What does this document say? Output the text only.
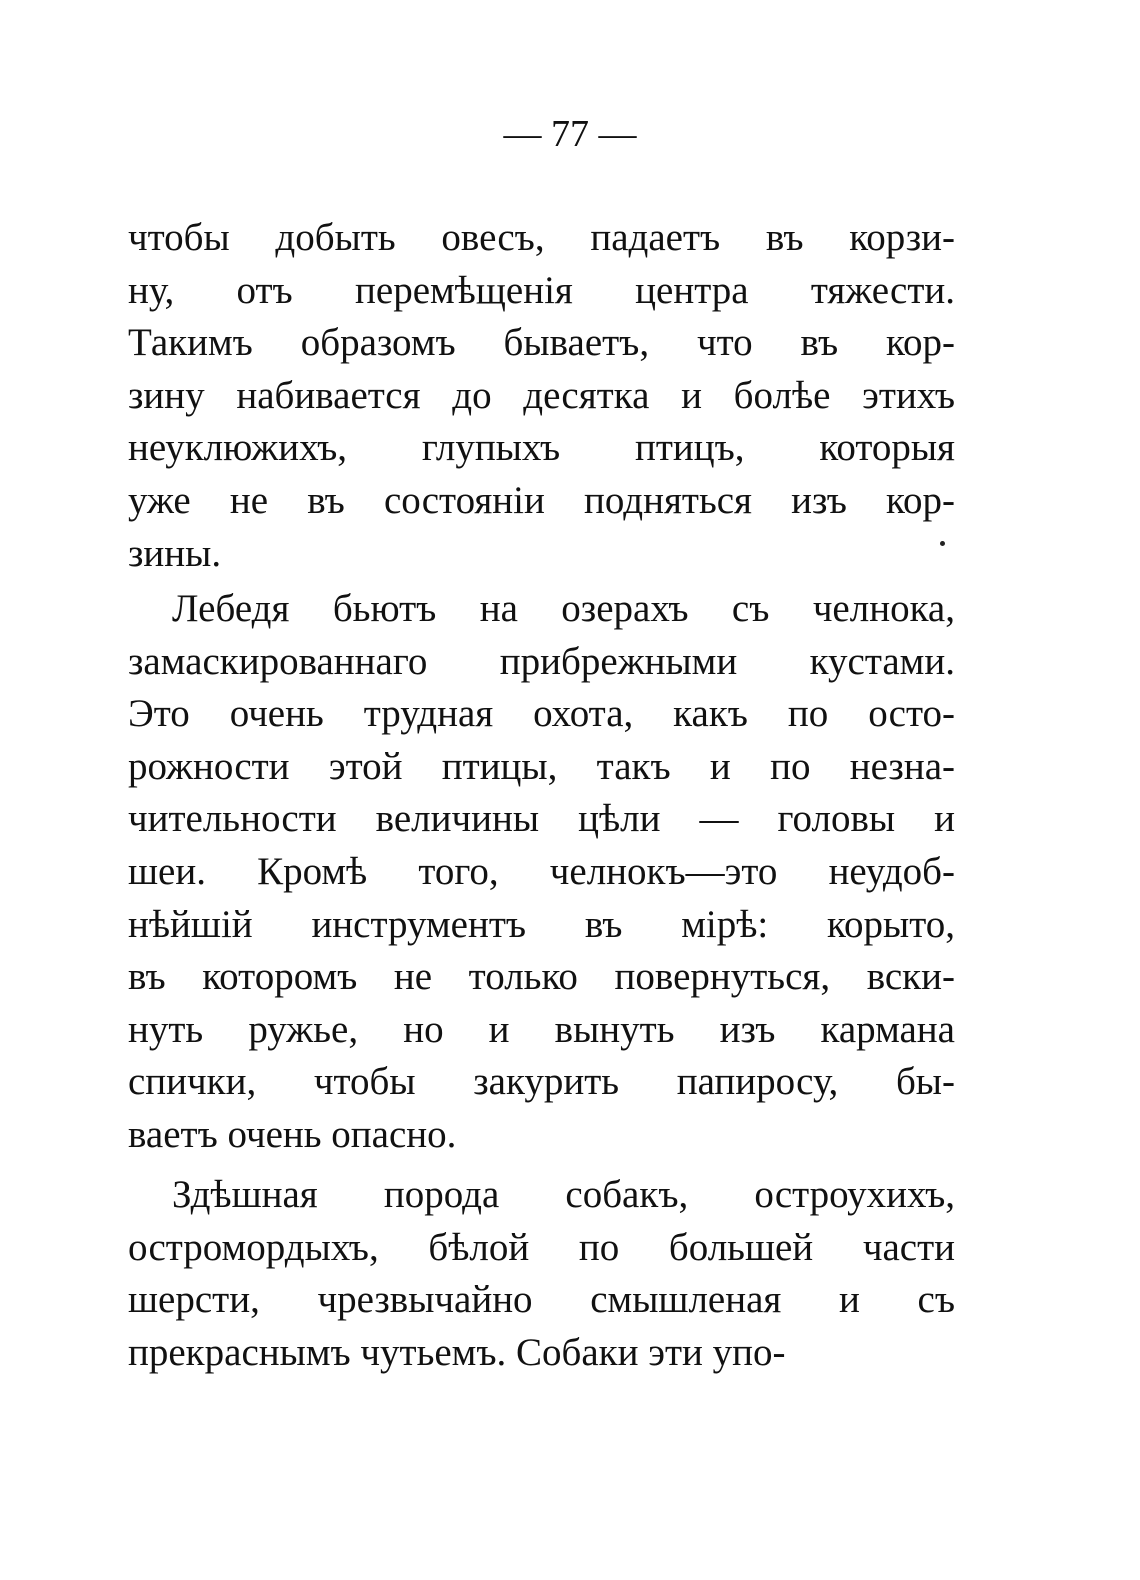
— 77 —
чтобы добыть овесъ, падаетъ въ корзи-
ну, отъ перемѣщенія центра тяжести.
Такимъ образомъ бываетъ, что въ кор-
зину набивается до десятка и болѣе этихъ
неуклюжихъ, глупыхъ птицъ, которыя
уже не въ состояніи подняться изъ кор-
зины.
Лебедя бьютъ на озерахъ съ челнока,
замаскированнаго прибрежными кустами.
Это очень трудная охота, какъ по осто-
рожности этой птицы, такъ и по незна-
чительности величины цѣли — головы и
шеи. Кромѣ того, челнокъ—это неудоб-
нѣйшій инструментъ въ мірѣ: корыто,
въ которомъ не только повернуться, вски-
нуть ружье, но и вынуть изъ кармана
спички, чтобы закурить папиросу, бы-
ваетъ очень опасно.
Здѣшная порода собакъ, остроухихъ,
остромордыхъ, бѣлой по большей части
шерсти, чрезвычайно смышленая и съ
прекраснымъ чутьемъ. Собаки эти упо-
